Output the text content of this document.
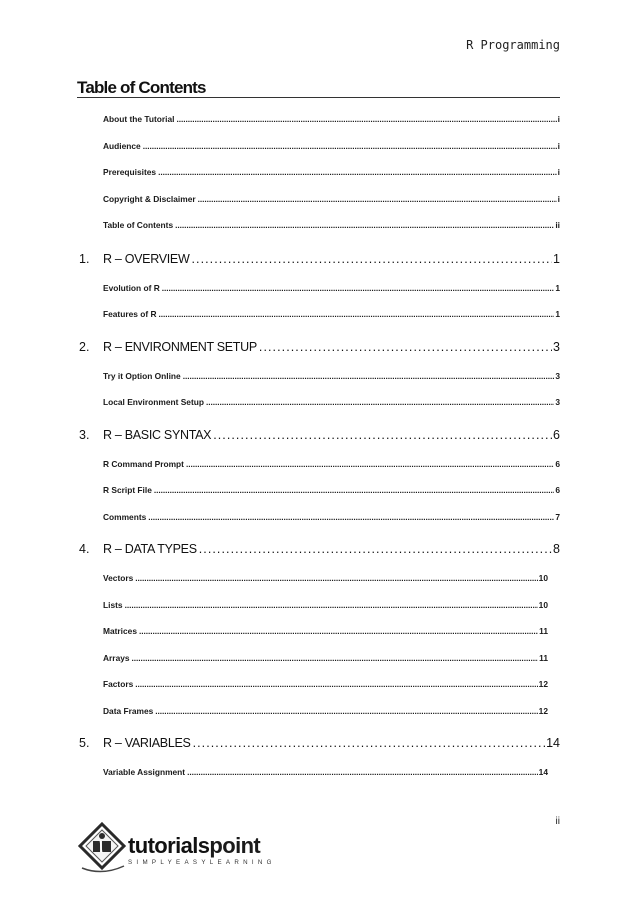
R Programming
Table of Contents
About the Tutorial . . .	i
Audience . . .	i
Prerequisites . . .	i
Copyright & Disclaimer . . .	i
Table of Contents . . .	ii
1.	R – OVERVIEW . . .	1
Evolution of R . . .	1
Features of R . . .	1
2.	R – ENVIRONMENT SETUP . . .	3
Try it Option Online . . .	3
Local Environment Setup . . .	3
3.	R – BASIC SYNTAX . . .	6
R Command Prompt . . .	6
R Script File . . .	6
Comments . . .	7
4.	R – DATA TYPES . . .	8
Vectors . . .	10
Lists . . .	10
Matrices . . .	11
Arrays . . .	11
Factors . . .	12
Data Frames . . .	12
5.	R – VARIABLES . . .	14
Variable Assignment . . .	14
ii
tutorialspoint
SIMPLYEASYLEARNING
